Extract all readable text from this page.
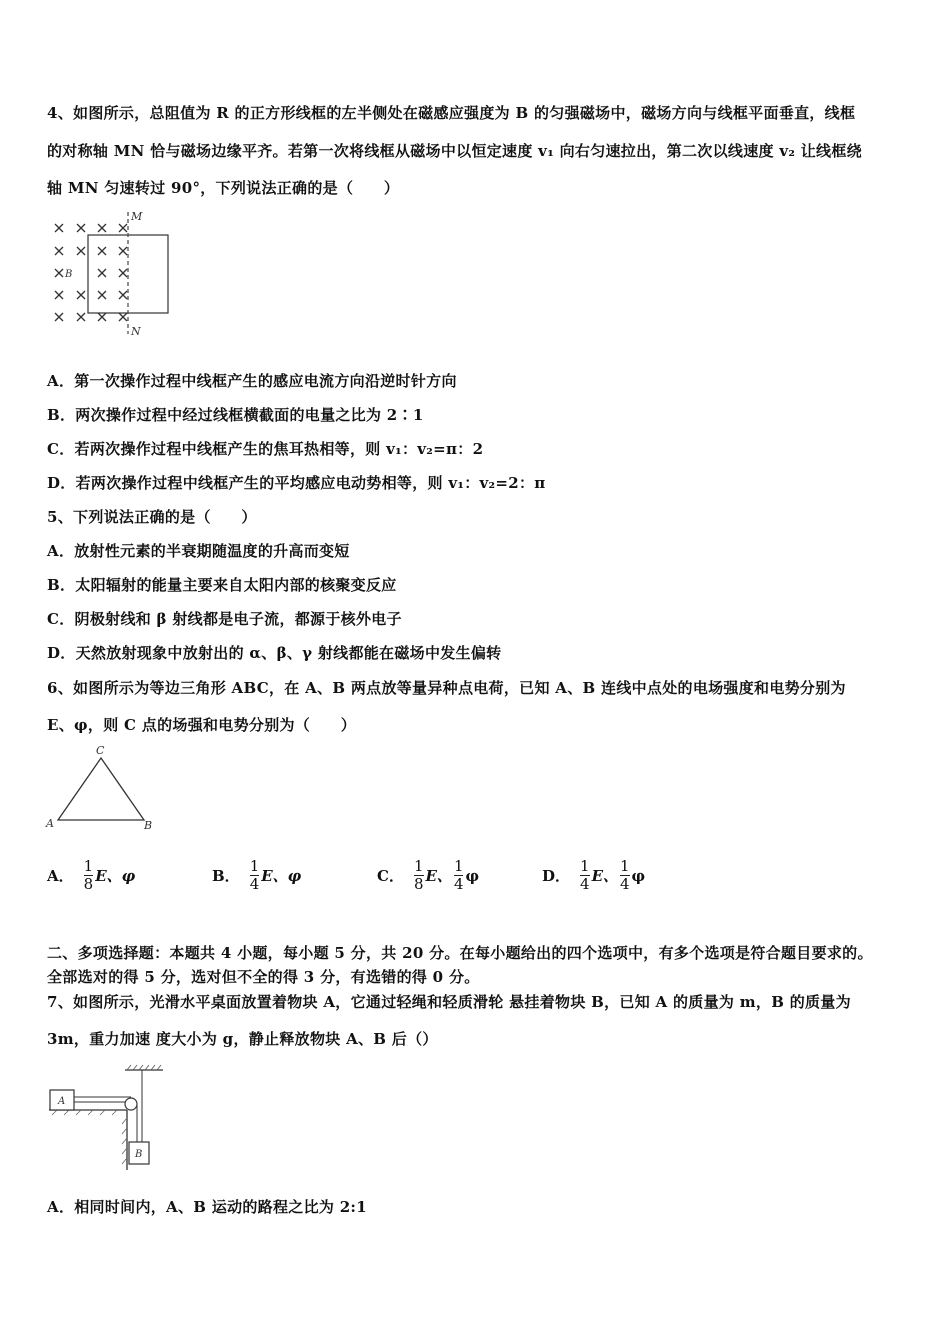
4、如图所示，总阻值为 R 的正方形线框的左半侧处在磁感应强度为 B 的匀强磁场中，磁场方向与线框平面垂直，线框
的对称轴 MN 恰与磁场边缘平齐。若第一次将线框从磁场中以恒定速度 v₁ 向右匀速拉出，第二次以线速度 v₂ 让线框绕
轴 MN 匀速转过 90°，下列说法正确的是（　　）
M
N
B
A．第一次操作过程中线框产生的感应电流方向沿逆时针方向
B．两次操作过程中经过线框横截面的电量之比为 2∶1
C．若两次操作过程中线框产生的焦耳热相等，则 v₁：v₂=π：2
D．若两次操作过程中线框产生的平均感应电动势相等，则 v₁：v₂=2：π
5、下列说法正确的是（　　）
A．放射性元素的半衰期随温度的升高而变短
B．太阳辐射的能量主要来自太阳内部的核聚变反应
C．阴极射线和 β 射线都是电子流，都源于核外电子
D．天然放射现象中放射出的 α、β、γ 射线都能在磁场中发生偏转
6、如图所示为等边三角形 ABC，在 A、B 两点放等量异种点电荷，已知 A、B 连线中点处的电场强度和电势分别为
E、φ，则 C 点的场强和电势分别为（　　）
C
A	B
A． $\frac{1}{8}$ E、φ	B． $\frac{1}{4}$ E、φ	C． $\frac{1}{8}$ E、 $\frac{1}{4}$ φ	D． $\frac{1}{4}$ E、 $\frac{1}{4}$ φ
二、多项选择题：本题共 4 小题，每小题 5 分，共 20 分。在每小题给出的四个选项中，有多个选项是符合题目要求的。
全部选对的得 5 分，选对但不全的得 3 分，有选错的得 0 分。
7、如图所示，光滑水平桌面放置着物块 A，它通过轻绳和轻质滑轮 悬挂着物块 B，已知 A 的质量为 m，B 的质量为
3m，重力加速 度大小为 g，静止释放物块 A、B 后（）
A
B
A．相同时间内，A、B 运动的路程之比为 2:1
